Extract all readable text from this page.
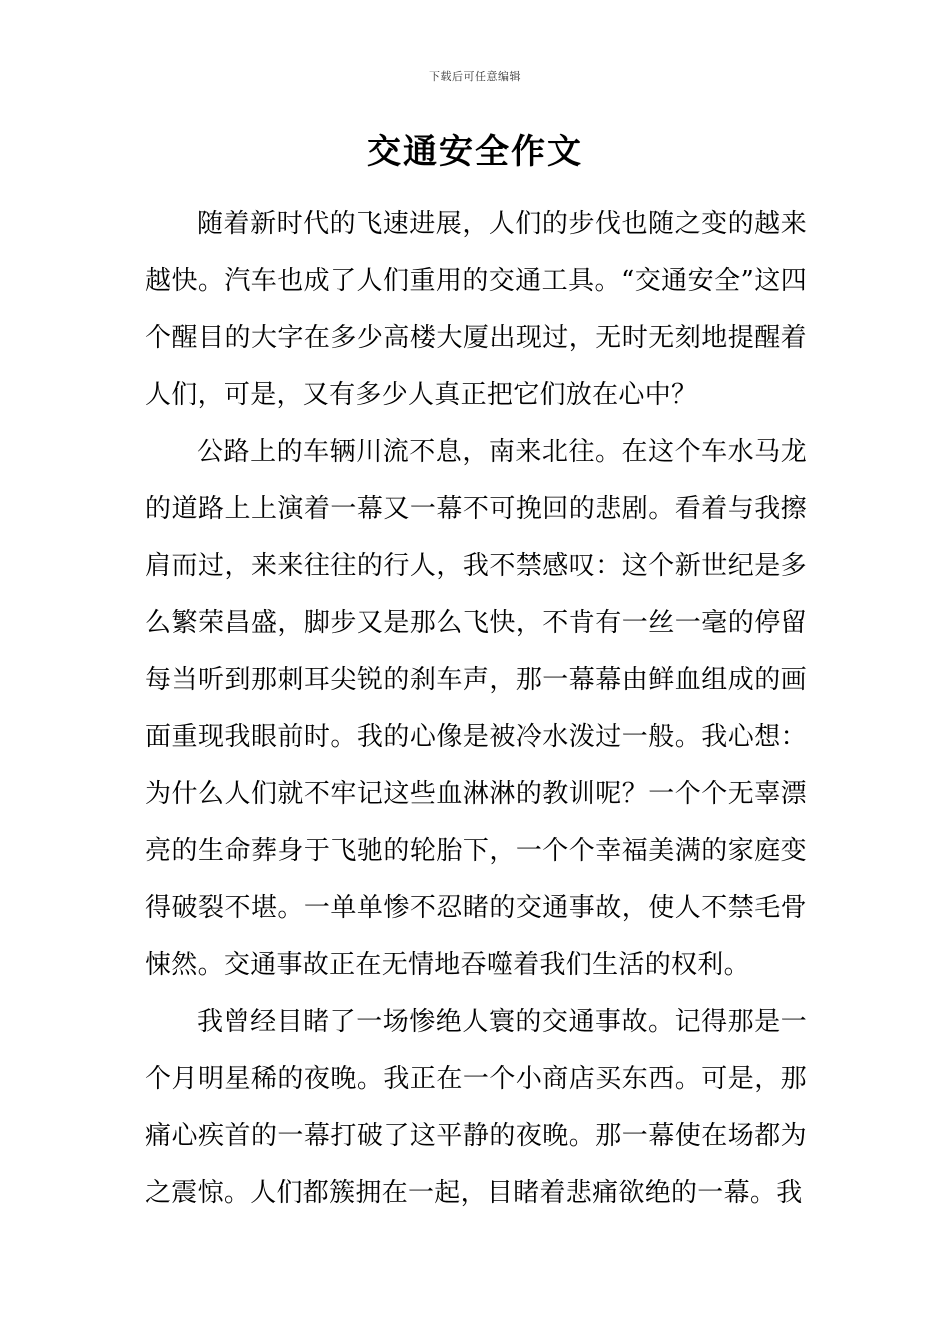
下载后可任意编辑
交通安全作文

随着新时代的飞速进展，人们的步伐也随之变的越来越快。汽车也成了人们重用的交通工具。“交通安全”这四个醒目的大字在多少高楼大厦出现过，无时无刻地提醒着人们，可是，又有多少人真正把它们放在心中？

公路上的车辆川流不息，南来北往。在这个车水马龙的道路上上演着一幕又一幕不可挽回的悲剧。看着与我擦肩而过，来来往往的行人，我不禁感叹：这个新世纪是多么繁荣昌盛，脚步又是那么飞快，不肯有一丝一毫的停留每当听到那刺耳尖锐的刹车声，那一幕幕由鲜血组成的画面重现我眼前时。我的心像是被冷水泼过一般。我心想：为什么人们就不牢记这些血淋淋的教训呢？一个个无辜漂亮的生命葬身于飞驰的轮胎下，一个个幸福美满的家庭变得破裂不堪。一单单惨不忍睹的交通事故，使人不禁毛骨悚然。交通事故正在无情地吞噬着我们生活的权利。

我曾经目睹了一场惨绝人寰的交通事故。记得那是一个月明星稀的夜晚。我正在一个小商店买东西。可是，那痛心疾首的一幕打破了这平静的夜晚。那一幕使在场都为之震惊。人们都簇拥在一起，目睹着悲痛欲绝的一幕。我
